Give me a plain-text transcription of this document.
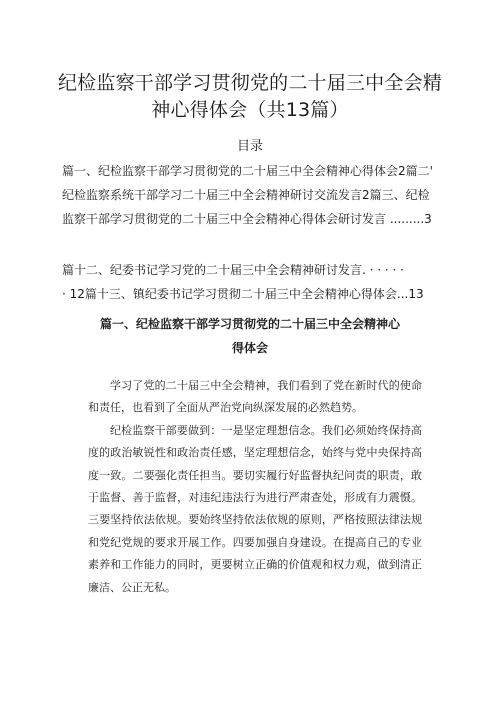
纪检监察干部学习贯彻党的二十届三中全会精
神心得体会（共13篇）
目录
篇一、纪检监察干部学习贯彻党的二十届三中全会精神心得体会2篇二'
纪检监察系统干部学习二十届三中全会精神研讨交流发言2篇三、纪检
监察干部学习贯彻党的二十届三中全会精神心得体会研讨发言 .........3
篇十二、纪委书记学习党的二十届三中全会精神研讨发言. · · · · ·
· 12篇十三、镇纪委书记学习贯彻二十届三中全会精神心得体会...13
篇一、纪检监察干部学习贯彻党的二十届三中全会精神心
得体会

学习了党的二十届三中全会精神，我们看到了党在新时代的使命和责任，也看到了全面从严治党向纵深发展的必然趋势。

纪检监察干部要做到：一是坚定理想信念。我们必须始终保持高度的政治敏锐性和政治责任感，坚定理想信念，始终与党中央保持高度一致。二要强化责任担当。要切实履行好监督执纪问责的职责，敢于监督、善于监督，对违纪违法行为进行严肃查处，形成有力震慑。三要坚持依法依规。要始终坚持依法依规的原则，严格按照法律法规和党纪党规的要求开展工作。四要加强自身建设。在提高自己的专业素养和工作能力的同时，更要树立正确的价值观和权力观，做到清正廉洁、公正无私。
